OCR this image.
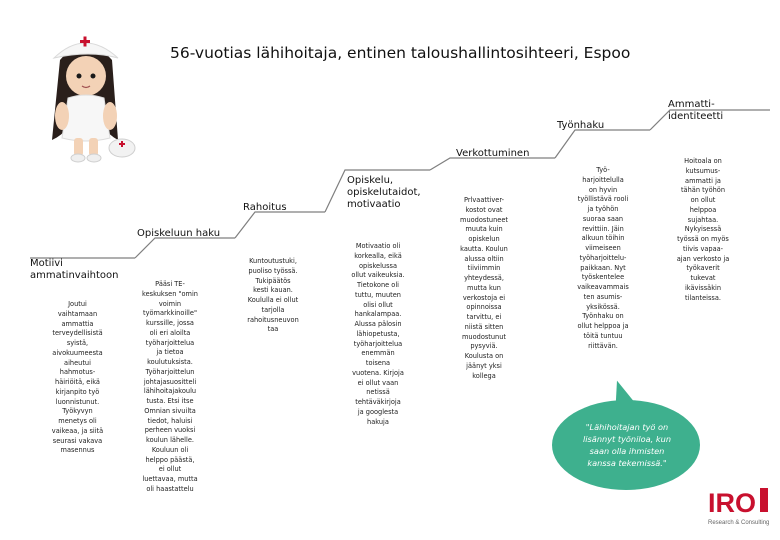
56-vuotias lähihoitaja, entinen taloushallintosihteeri, Espoo
Motiivi ammatinvaihtoon
Opiskeluun haku
Rahoitus
Opiskelu,
opiskelutaidot,
motivaatio
Verkottuminen
Työnhaku
Ammatti-
identiteetti
Joutui
vaihtamaan
ammattia
terveydellisistä
syistä,
aivokuumeesta
aiheutui
hahmotus-
häiriöitä, eikä
kirjanpito työ
luonnistunut.
Työkyvyn
menetys oli
vaikeaa, ja siitä
seurasi vakava
masennus
Pääsi TE-
keskuksen "omin
voimin
työmarkkinoille"
kurssille, jossa
oli eri aloilta
työharjoittelua
ja tietoa
koulutuksista.
Työharjoittelun
johtajasuositteli
lähihoitajakoulu
tusta. Etsi itse
Omnian sivuilta
tiedot, haluisi
perheen vuoksi
koulun lähelle.
Kouluun oli
helppo päästä,
ei ollut
luettavaa, mutta
oli haastattelu
Kuntoutustuki,
puoliso työssä.
Tukipäätös
kesti kauan.
Koululla ei ollut
tarjolla
rahoitusneuvon
taa
Motivaatio oli
korkealla, eikä
opiskelussa
ollut vaikeuksia.
Tietokone oli
tuttu, muuten
olisi ollut
hankalampaa.
Alussa pälosin
lähiopetusta,
työharjoittelua
enemmän
toisena
vuotena. Kirjoja
ei ollut vaan
netissä
tehtäväkirjoja
ja googlesta
hakuja
Prlvaattiver-
kostot ovat
muodostuneet
muuta kuin
opiskelun
kautta. Koulun
alussa oltiin
tiiviimmin
yhteydessä,
mutta kun
verkostoja ei
opinnoissa
tarvittu, ei
niistä sitten
muodostunut
pysyviä.
Koulusta on
jäänyt yksi
kollega
Työ-
harjoittelulla
on hyvin
työllistävä rooli
ja työhön
suoraa saan
revittiin. Jäin
alkuun töihin
viimeiseen
työharjoittelu-
paikkaan. Nyt
työskentelee
vaikeavammais
ten asumis-
yksikössä.
Työnhaku on
ollut helppoa ja
töitä tuntuu
riittävän.
Hoitoala on
kutsumus-
ammatti ja
tähän työhön
on ollut
helppoa
sujahtaa.
Nykyisessä
työssä on myös
tiivis vapaa-
ajan verkosto ja
työkaverit
tukevat
ikävissäkin
tilanteissa.
"Lähihoitajan työ on
lisännyt työniloa, kun
saan olla ihmisten
kanssa tekemissä."
IRO
Research & Consulting
